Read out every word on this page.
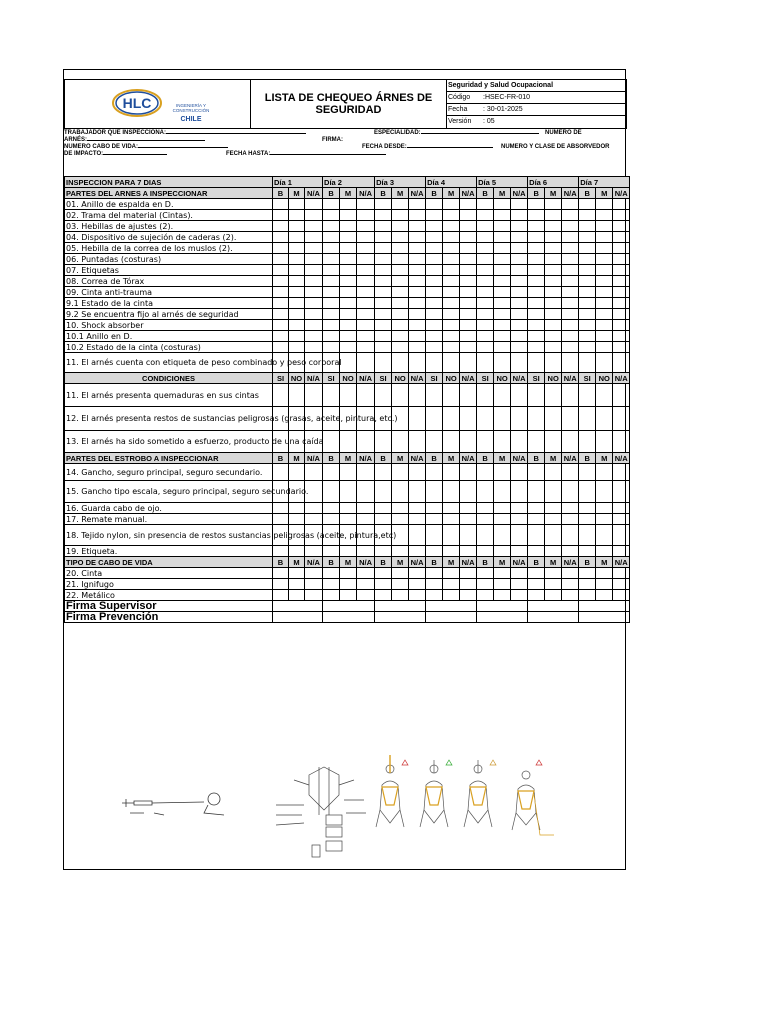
HLC	INGENIERÍA Y
CONSTRUCCIÓN
CHILE
LISTA DE CHEQUEO ÁRNES DE
SEGURIDAD
Seguridad y Salud Ocupacional
Código :HSEC-FR-010
Fecha : 30-01-2025
Versión : 05
TRABAJADOR QUE INSPECCIONA:	ESPECIALIDAD:	NUMERO DE
ARNÉS:	FIRMA:
NUMERO CABO DE VIDA:	FECHA DESDE:	NUMERO Y CLASE DE ABSORVEDOR
DE IMPACTO:	FECHA HASTA:
INSPECCION PARA 7 DIAS	Día 1			Día 2			Día 3			Día 4			Día 5			Día 6			Día 7		
PARTES DEL ARNES A INSPECCIONAR	B	M	N/A	B	M	N/A	B	M	N/A	B	M	N/A	B	M	N/A	B	M	N/A	B	M	N/A
01. Anillo de espalda en D.																					
02. Trama del material (Cintas).																					
03. Hebillas de ajustes (2).																					
04. Dispositivo de sujeción de caderas (2).																					
05. Hebilla de la correa de los muslos (2).																					
06. Puntadas (costuras)																					
07. Etiquetas																					
08. Correa de Tórax																					
09. Cinta anti-trauma																					
9.1 Estado de la cinta																					
9.2 Se encuentra fijo al arnés de seguridad																					
10. Shock absorber																					
10.1 Anillo en D.																					
10.2 Estado de la cinta (costuras)																					
11. El arnés cuenta con etiqueta de peso combinado y peso corporal																					
CONDICIONES	SI	NO	N/A	SI	NO	N/A	SI	NO	N/A	SI	NO	N/A	SI	NO	N/A	SI	NO	N/A	SI	NO	N/A
11. El arnés presenta quemaduras en sus cintas																					
12. El arnés presenta restos de sustancias peligrosas (grasas, aceite, pintura, etc.)																					
13. El arnés ha sido sometido a esfuerzo, producto de una caída																					
PARTES DEL ESTROBO A INSPECCIONAR	B	M	N/A	B	M	N/A	B	M	N/A	B	M	N/A	B	M	N/A	B	M	N/A	B	M	N/A
14. Gancho, seguro principal, seguro secundario.																					
15. Gancho tipo escala, seguro principal, seguro secundario.																					
16. Guarda cabo de ojo.																					
17. Remate manual.																					
18. Tejido nylon, sin presencia de restos sustancias peligrosas (aceite, pintura,etc)																					
19. Etiqueta.																					
TIPO DE CABO DE VIDA	B	M	N/A	B	M	N/A	B	M	N/A	B	M	N/A	B	M	N/A	B	M	N/A	B	M	N/A
20. Cinta																					
21. Ignifugo																					
22. Metálico																					
Firma Supervisor																					
Firma Prevención																					
